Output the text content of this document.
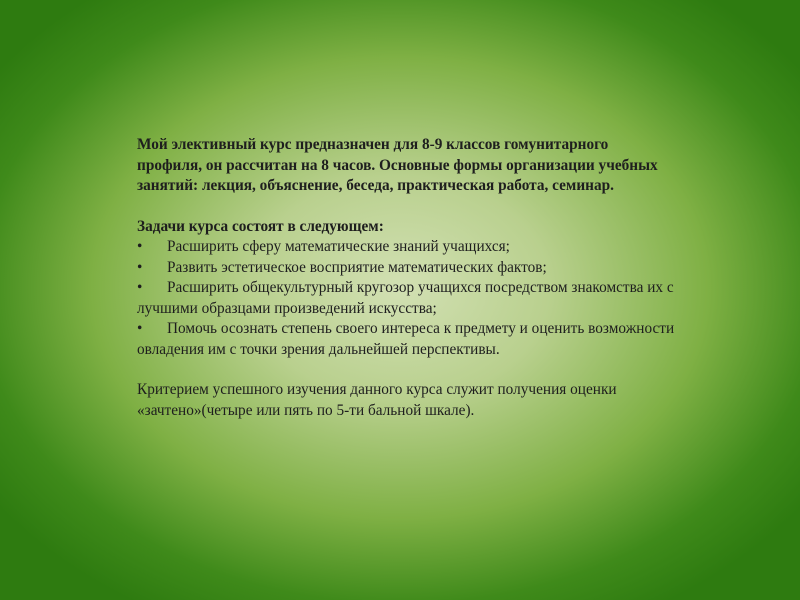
Мой элективный курс предназначен для 8-9 классов гомунитарного профиля, он рассчитан на 8 часов. Основные формы организации учебных занятий: лекция, объяснение, беседа, практическая работа, семинар.

Задачи курса состоят в следующем:

• Расширить сферу математические знаний учащихся;
• Развить эстетическое восприятие математических фактов;
• Расширить общекультурный кругозор учащихся посредством знакомства их с лучшими образцами произведений искусства;
• Помочь осознать степень своего интереса к предмету и оценить возможности овладения им с точки зрения дальнейшей перспективы.

Критерием успешного изучения данного курса служит получения оценки «зачтено»(четыре или пять по 5-ти бальной шкале).
